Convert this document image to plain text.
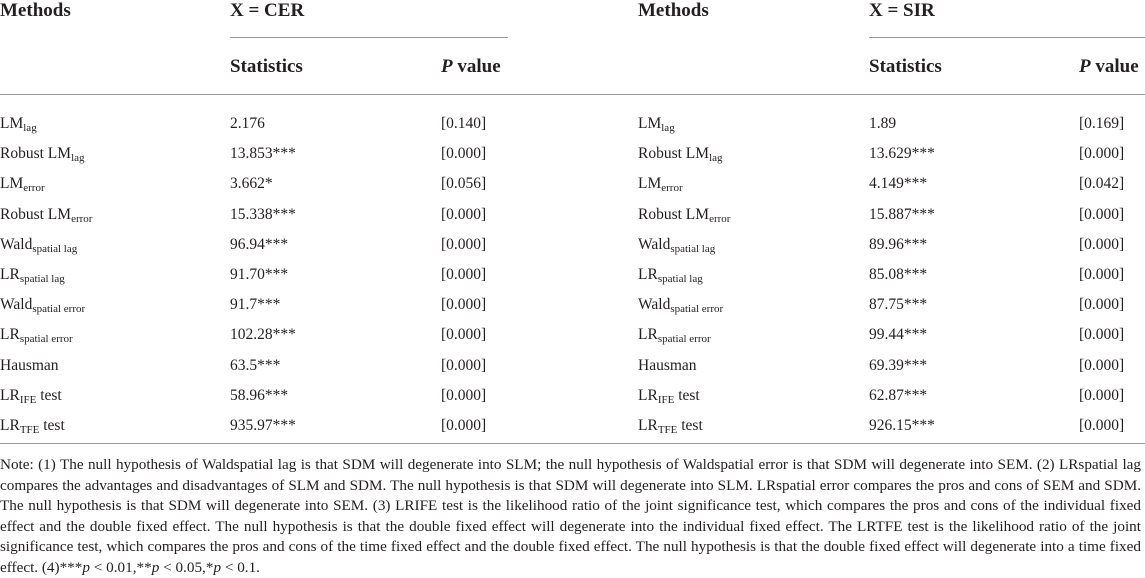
Methods	X = CER
Statistics	P value
Methods	X = SIR
Statistics	P value
$LM_{lag}$	2.176	[0.140]	$LM_{lag}$	1.89	[0.169]
Robust $LM_{lag}$	13.853***	[0.000]	Robust $LM_{lag}$	13.629***	[0.000]
$LM_{error}$	3.662*	[0.056]	$LM_{error}$	4.149***	[0.042]
Robust $LM_{error}$	15.338***	[0.000]	Robust $LM_{error}$	15.887***	[0.000]
Wald$_{spatial lag}$	96.94***	[0.000]	Wald$_{spatial lag}$	89.96***	[0.000]
$LR_{spatial lag}$	91.70***	[0.000]	$LR_{spatial lag}$	85.08***	[0.000]
Wald$_{spatial error}$	91.7***	[0.000]	Wald$_{spatial error}$	87.75***	[0.000]
$LR_{spatial error}$	102.28***	[0.000]	$LR_{spatial error}$	99.44***	[0.000]
Hausman	63.5***	[0.000]	Hausman	69.39***	[0.000]
$LR_{IFE}$ test	58.96***	[0.000]	$LR_{IFE}$ test	62.87***	[0.000]
$LR_{TFE}$ test	935.97***	[0.000]	$LR_{TFE}$ test	926.15***	[0.000]
Note: (1) The null hypothesis of Waldspatial lag is that SDM will degenerate into SLM; the null hypothesis of Waldspatial error is that SDM will degenerate into SEM. (2) LRspatial lag compares the advantages and disadvantages of SLM and SDM. The null hypothesis is that SDM will degenerate into SLM. LRspatial error compares the pros and cons of SEM and SDM. The null hypothesis is that SDM will degenerate into SEM. (3) LRIFE test is the likelihood ratio of the joint significance test, which compares the pros and cons of the individual fixed effect and the double fixed effect. The null hypothesis is that the double fixed effect will degenerate into the individual fixed effect. The LRTFE test is the likelihood ratio of the joint significance test, which compares the pros and cons of the time fixed effect and the double fixed effect. The null hypothesis is that the double fixed effect will degenerate into a time fixed effect. (4)***p < 0.01,**p < 0.05,*p < 0.1.
